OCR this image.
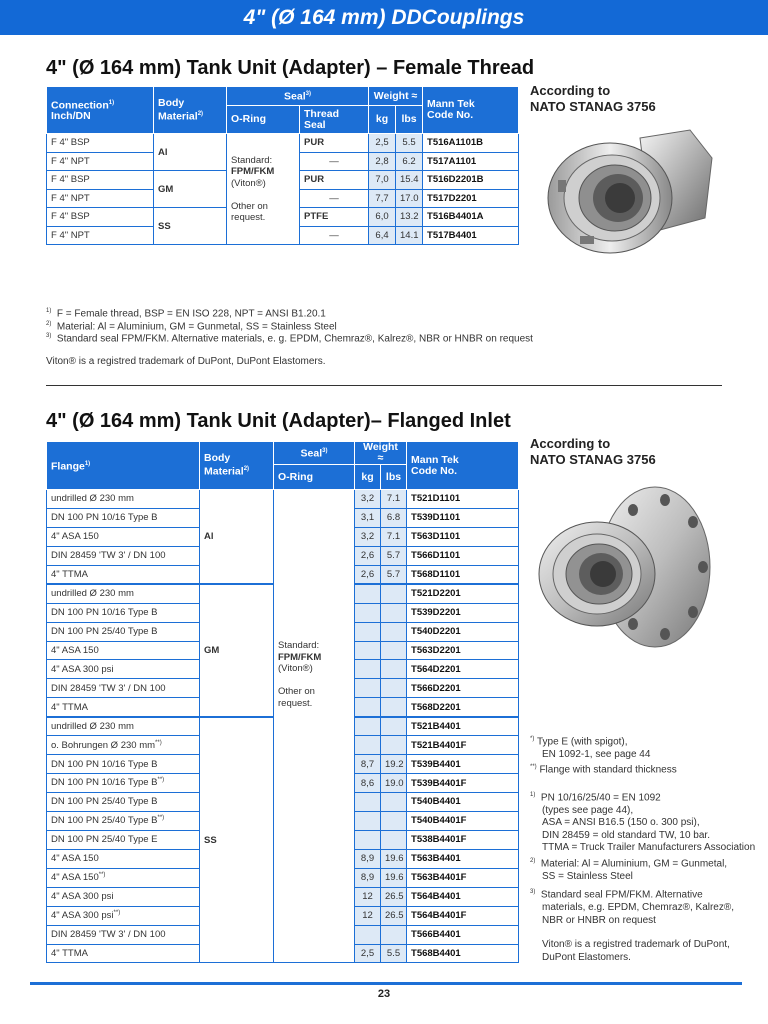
4" (Ø 164 mm) DDCouplings
4" (Ø 164 mm) Tank Unit (Adapter) – Female Thread
According to
NATO STANAG 3756
Connection$^{1)}$
Inch/DN	Body
Material$^{2)}$	Seal$^{3)}$		Weight ≈		Mann Tek
Code No.
		O-Ring	Thread
Seal	kg	lbs	
F 4" BSP	Al	Standard:
FPM/FKM
(Viton®)

Other on
request.	PUR	2,5	5.5	T516A1101B
F 4" NPT			—	2,8	6.2	T517A1101
F 4" BSP	GM		PUR	7,0	15.4	T516D2201B
F 4" NPT			—	7,7	17.0	T517D2201
F 4" BSP	SS		PTFE	6,0	13.2	T516B4401A
F 4" NPT			—	6,4	14.1	T517B4401
$^{1)}$ F = Female thread, BSP = EN ISO 228, NPT = ANSI B1.20.1
$^{2)}$ Material: Al = Aluminium, GM = Gunmetal, SS = Stainless Steel
$^{3)}$ Standard seal FPM/FKM. Alternative materials, e. g. EPDM, Chemraz®, Kalrez®, NBR or HNBR on request
Viton® is a registred trademark of DuPont, DuPont Elastomers.
4" (Ø 164 mm) Tank Unit (Adapter)– Flanged Inlet
According to
NATO STANAG 3756
Flange$^{1)}$	Body
Material$^{2)}$	Seal$^{3)}$	Weight ≈		Mann Tek
Code No.
		O-Ring	kg	lbs	
undrilled Ø 230 mm	Al	Standard:
FPM/FKM
(Viton®)

Other on
request.	3,2	7.1	T521D1101
DN 100 PN 10/16 Type B			3,1	6.8	T539D1101
4" ASA 150			3,2	7.1	T563D1101
DIN 28459 'TW 3' / DN 100			2,6	5.7	T566D1101
4" TTMA			2,6	5.7	T568D1101
undrilled Ø 230 mm	GM				T521D2201
DN 100 PN 10/16 Type B					T539D2201
DN 100 PN 25/40 Type B					T540D2201
4" ASA 150					T563D2201
4" ASA 300 psi					T564D2201
DIN 28459 'TW 3' / DN 100					T566D2201
4" TTMA					T568D2201
undrilled Ø 230 mm	SS				T521B4401
o. Bohrungen Ø 230 mm**)					T521B4401F
DN 100 PN 10/16 Type B			8,7	19.2	T539B4401
DN 100 PN 10/16 Type B**)			8,6	19.0	T539B4401F
DN 100 PN 25/40 Type B					T540B4401
DN 100 PN 25/40 Type B**)					T540B4401F
DN 100 PN 25/40 Type E					T538B4401F
4" ASA 150			8,9	19.6	T563B4401
4" ASA 150**)			8,9	19.6	T563B4401F
4" ASA 300 psi			12	26.5	T564B4401
4" ASA 300 psi**)			12	26.5	T564B4401F
DIN 28459 'TW 3' / DN 100					T566B4401
4" TTMA			2,5	5.5	T568B4401
*) Type E (with spigot),
EN 1092-1, see page 44
**) Flange with standard thickness
$^{1)}$ PN 10/16/25/40 = EN 1092
(types see page 44),
ASA = ANSI B16.5 (150 o. 300 psi),
DIN 28459 = old standard TW, 10 bar.
TTMA = Truck Trailer Manufacturers Association
$^{2)}$ Material: Al = Aluminium, GM = Gunmetal,
SS = Stainless Steel
$^{3)}$ Standard seal FPM/FKM. Alternative
materials, e.g. EPDM, Chemraz®, Kalrez®,
NBR or HNBR on request
Viton® is a registred trademark of DuPont,
DuPont Elastomers.
23
